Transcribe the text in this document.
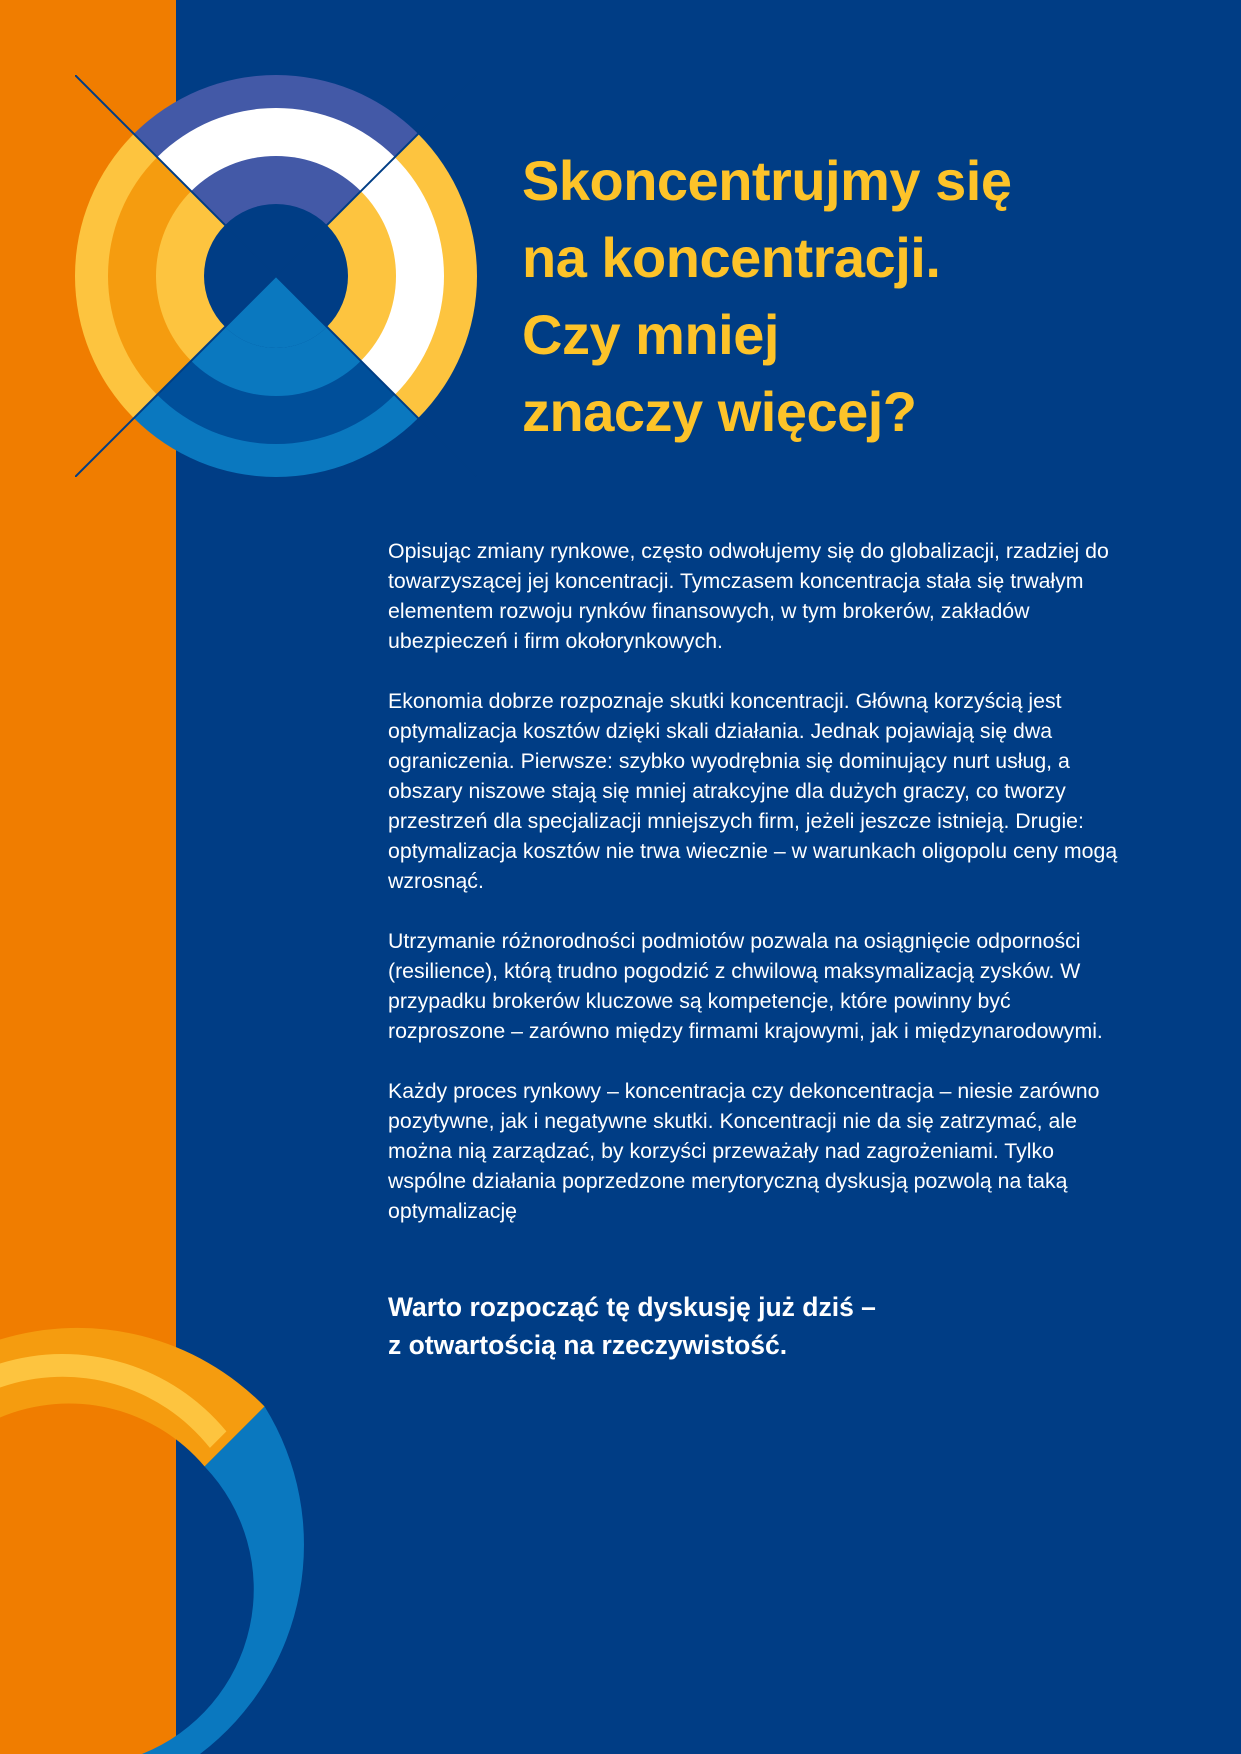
Skoncentrujmy się
na koncentracji.
Czy mniej
znaczy więcej?

Opisując zmiany rynkowe, często odwołujemy się do globalizacji, rzadziej do towarzyszącej jej koncentracji. Tymczasem koncentracja stała się trwałym elementem rozwoju rynków finansowych, w tym brokerów, zakładów ubezpieczeń i firm okołorynkowych.

Ekonomia dobrze rozpoznaje skutki koncentracji. Główną korzyścią jest optymalizacja kosztów dzięki skali działania. Jednak pojawiają się dwa ograniczenia. Pierwsze: szybko wyodrębnia się dominujący nurt usług, a obszary niszowe stają się mniej atrakcyjne dla dużych graczy, co tworzy przestrzeń dla specjalizacji mniejszych firm, jeżeli jeszcze istnieją. Drugie: optymalizacja kosztów nie trwa wiecznie – w warunkach oligopolu ceny mogą wzrosnąć.

Utrzymanie różnorodności podmiotów pozwala na osiągnięcie odporności (resilience), którą trudno pogodzić z chwilową maksymalizacją zysków. W przypadku brokerów kluczowe są kompetencje, które powinny być rozproszone – zarówno między firmami krajowymi, jak i międzynarodowymi.

Każdy proces rynkowy – koncentracja czy dekoncentracja – niesie zarówno pozytywne, jak i negatywne skutki. Koncentracji nie da się zatrzymać, ale można nią zarządzać, by korzyści przeważały nad zagrożeniami. Tylko wspólne działania poprzedzone merytoryczną dyskusją pozwolą na taką optymalizację

Warto rozpocząć tę dyskusję już dziś –
z otwartością na rzeczywistość.
